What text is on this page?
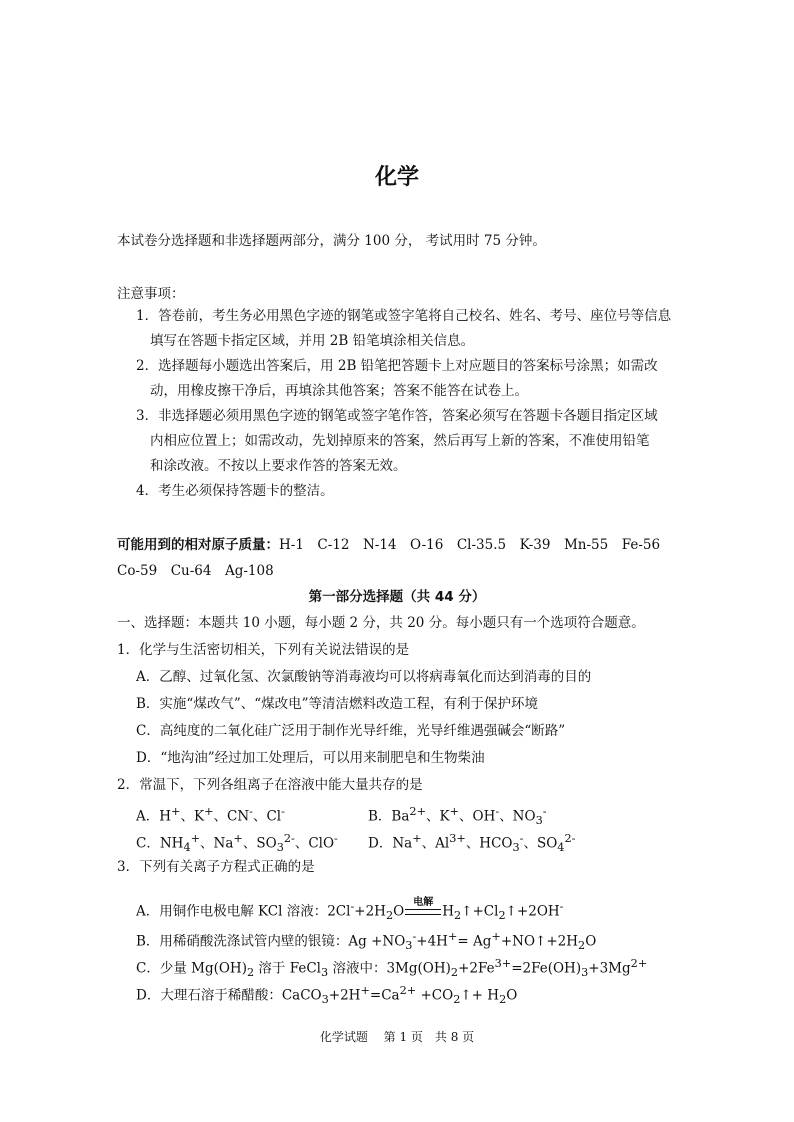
化学
本试卷分选择题和非选择题两部分，满分 100 分， 考试用时 75 分钟。
注意事项：
1．答卷前，考生务必用黑色字迹的钢笔或签字笔将自己校名、姓名、考号、座位号等信息
填写在答题卡指定区域，并用 2B 铅笔填涂相关信息。
2．选择题每小题选出答案后，用 2B 铅笔把答题卡上对应题目的答案标号涂黑；如需改
动，用橡皮擦干净后，再填涂其他答案；答案不能答在试卷上。
3．非选择题必须用黑色字迹的钢笔或签字笔作答，答案必须写在答题卡各题目指定区域
内相应位置上；如需改动，先划掉原来的答案，然后再写上新的答案，不准使用铅笔
和涂改液。不按以上要求作答的答案无效。
4．考生必须保持答题卡的整洁。
可能用到的相对原子质量：H-1　C-12　N-14　O-16　Cl-35.5　K-39　Mn-55　Fe-56
Co-59　Cu-64　Ag-108
第一部分选择题（共 44 分）
一、选择题：本题共 10 小题，每小题 2 分，共 20 分。每小题只有一个选项符合题意。
1．化学与生活密切相关，下列有关说法错误的是
A．乙醇、过氧化氢、次氯酸钠等消毒液均可以将病毒氧化而达到消毒的目的
B．实施“煤改气”、“煤改电”等清洁燃料改造工程，有利于保护环境
C．高纯度的二氧化硅广泛用于制作光导纤维，光导纤维遇强碱会“断路”
D．“地沟油”经过加工处理后，可以用来制肥皂和生物柴油
2．常温下，下列各组离子在溶液中能大量共存的是
A．H+、K+、CN-、Cl-	B．$Ba^{2+}$、K+、OH-、$NO_3^-$
C．$NH_4^+$、Na+、$SO_3^{2-}$、ClO- D．Na+、$Al^{3+}$、$HCO_3^-$、$SO_4^{2-}$
3．下列有关离子方程式正确的是
A．用铜作电极电解 KCl 溶液：$2Cl^-+2H_2O$
电解
$H_2↑+Cl_2↑+2OH^-$
B．用稀硝酸洗涤试管内壁的银镜：$Ag +NO_3^-+4H^+=$ $Ag^++NO↑+2H_2O$
C．少量 $Mg(OH)_2$ 溶于 FeCl$_3$ 溶液中：$3Mg(OH)_2+2Fe^{3+}=2Fe(OH)_3+3Mg^{2+}$
D．大理石溶于稀醋酸：$CaCO_3+2H^+=Ca^{2+}$ $+CO_2↑+ H_2O$
化学试题　 第 1 页　共 8 页
